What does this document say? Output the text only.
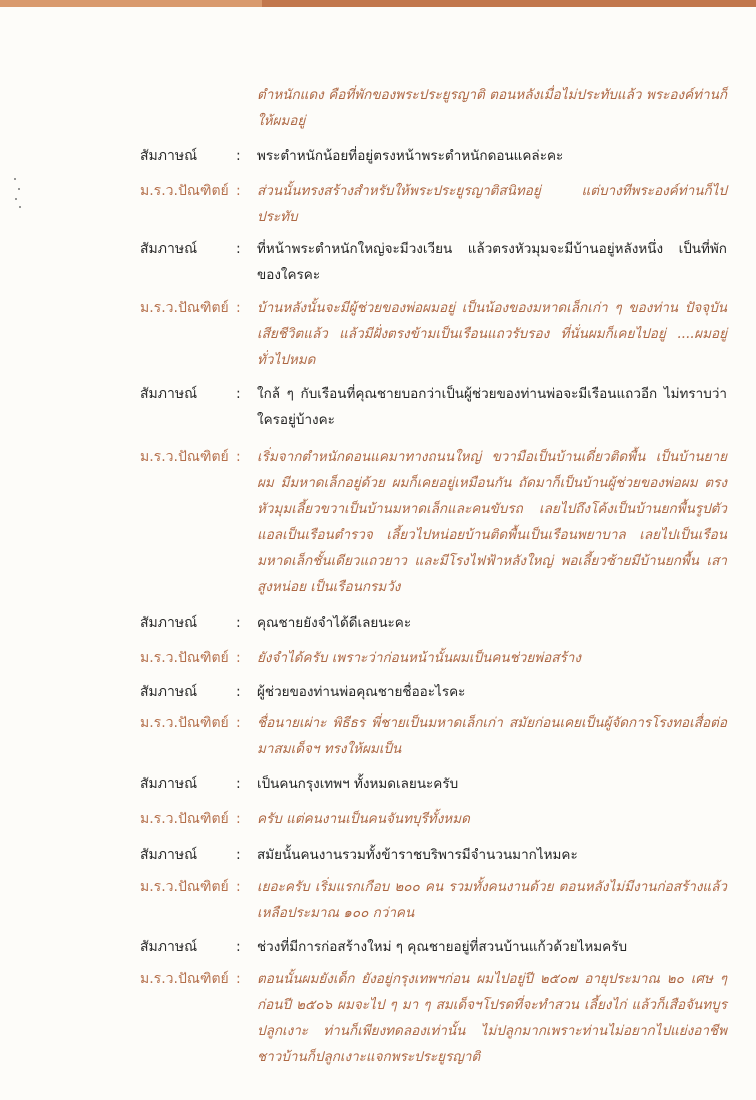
ตำหนักแดง คือที่พักของพระประยูรญาติ ตอนหลังเมื่อไม่ประทับแล้ว พระองค์ท่านก็ให้ผมอยู่
สัมภาษณ์	:	พระตำหนักน้อยที่อยู่ตรงหน้าพระตำหนักดอนแคล่ะคะ
ม.ร.ว.ปัณฑิตย์ :	ส่วนนั้นทรงสร้างสำหรับให้พระประยูรญาติสนิทอยู่ แต่บางทีพระองค์ท่านก็ไปประทับ
สัมภาษณ์	:	ที่หน้าพระตำหนักใหญ่จะมีวงเวียน แล้วตรงหัวมุมจะมีบ้านอยู่หลังหนึ่ง เป็นที่พักของใครคะ
ม.ร.ว.ปัณฑิตย์ :	บ้านหลังนั้นจะมีผู้ช่วยของพ่อผมอยู่ เป็นน้องของมหาดเล็กเก่า ๆ ของท่าน ปัจจุบันเสียชีวิตแล้ว แล้วมีฝั่งตรงข้ามเป็นเรือนแถวรับรอง ที่นั่นผมก็เคยไปอยู่ ....ผมอยู่ทั่วไปหมด
สัมภาษณ์	:	ใกล้ ๆ กับเรือนที่คุณชายบอกว่าเป็นผู้ช่วยของท่านพ่อจะมีเรือนแถวอีก ไม่ทราบว่าใครอยู่บ้างคะ
ม.ร.ว.ปัณฑิตย์ :	เริ่มจากตำหนักดอนแคมาทางถนนใหญ่ ขวามือเป็นบ้านเดี่ยวติดพื้น เป็นบ้านยายผม มีมหาดเล็กอยู่ด้วย ผมก็เคยอยู่เหมือนกัน ถัดมาก็เป็นบ้านผู้ช่วยของพ่อผม ตรงหัวมุมเลี้ยวขวาเป็นบ้านมหาดเล็กและคนขับรถ เลยไปถึงโค้งเป็นบ้านยกพื้นรูปตัวแอลเป็นเรือนตำรวจ เลี้ยวไปหน่อยบ้านติดพื้นเป็นเรือนพยาบาล เลยไปเป็นเรือนมหาดเล็กชั้นเดียวแถวยาว และมีโรงไฟฟ้าหลังใหญ่ พอเลี้ยวซ้ายมีบ้านยกพื้น เสาสูงหน่อย เป็นเรือนกรมวัง
สัมภาษณ์	:	คุณชายยังจำได้ดีเลยนะคะ
ม.ร.ว.ปัณฑิตย์ :	ยังจำได้ครับ เพราะว่าก่อนหน้านั้นผมเป็นคนช่วยพ่อสร้าง
สัมภาษณ์	:	ผู้ช่วยของท่านพ่อคุณชายชื่ออะไรคะ
ม.ร.ว.ปัณฑิตย์ :	ชื่อนายเผ่าะ พิธีธร พี่ชายเป็นมหาดเล็กเก่า สมัยก่อนเคยเป็นผู้จัดการโรงทอเสื่อต่อมาสมเด็จฯ ทรงให้ผมเป็น
สัมภาษณ์	:	เป็นคนกรุงเทพฯ ทั้งหมดเลยนะครับ
ม.ร.ว.ปัณฑิตย์ :	ครับ แต่คนงานเป็นคนจันทบุรีทั้งหมด
สัมภาษณ์	:	สมัยนั้นคนงานรวมทั้งข้าราชบริพารมีจำนวนมากไหมคะ
ม.ร.ว.ปัณฑิตย์ :	เยอะครับ เริ่มแรกเกือบ ๒๐๐ คน รวมทั้งคนงานด้วย ตอนหลังไม่มีงานก่อสร้างแล้ว เหลือประมาณ ๑๐๐ กว่าคน
สัมภาษณ์	:	ช่วงที่มีการก่อสร้างใหม่ ๆ คุณชายอยู่ที่สวนบ้านแก้วด้วยไหมครับ
ม.ร.ว.ปัณฑิตย์ :	ตอนนั้นผมยังเด็ก ยังอยู่กรุงเทพฯก่อน ผมไปอยู่ปี ๒๕๐๗ อายุประมาณ ๒๐ เศษ ๆ ก่อนปี ๒๕๐๖ ผมจะไป ๆ มา ๆ สมเด็จฯโปรดที่จะทำสวน เลี้ยงไก่ แล้วก็เสือจันทบูร ปลูกเงาะ ท่านก็เพียงทดลองเท่านั้น ไม่ปลูกมากเพราะท่านไม่อยากไปแย่งอาชีพชาวบ้านก็ปลูกเงาะแจกพระประยูรญาติ
